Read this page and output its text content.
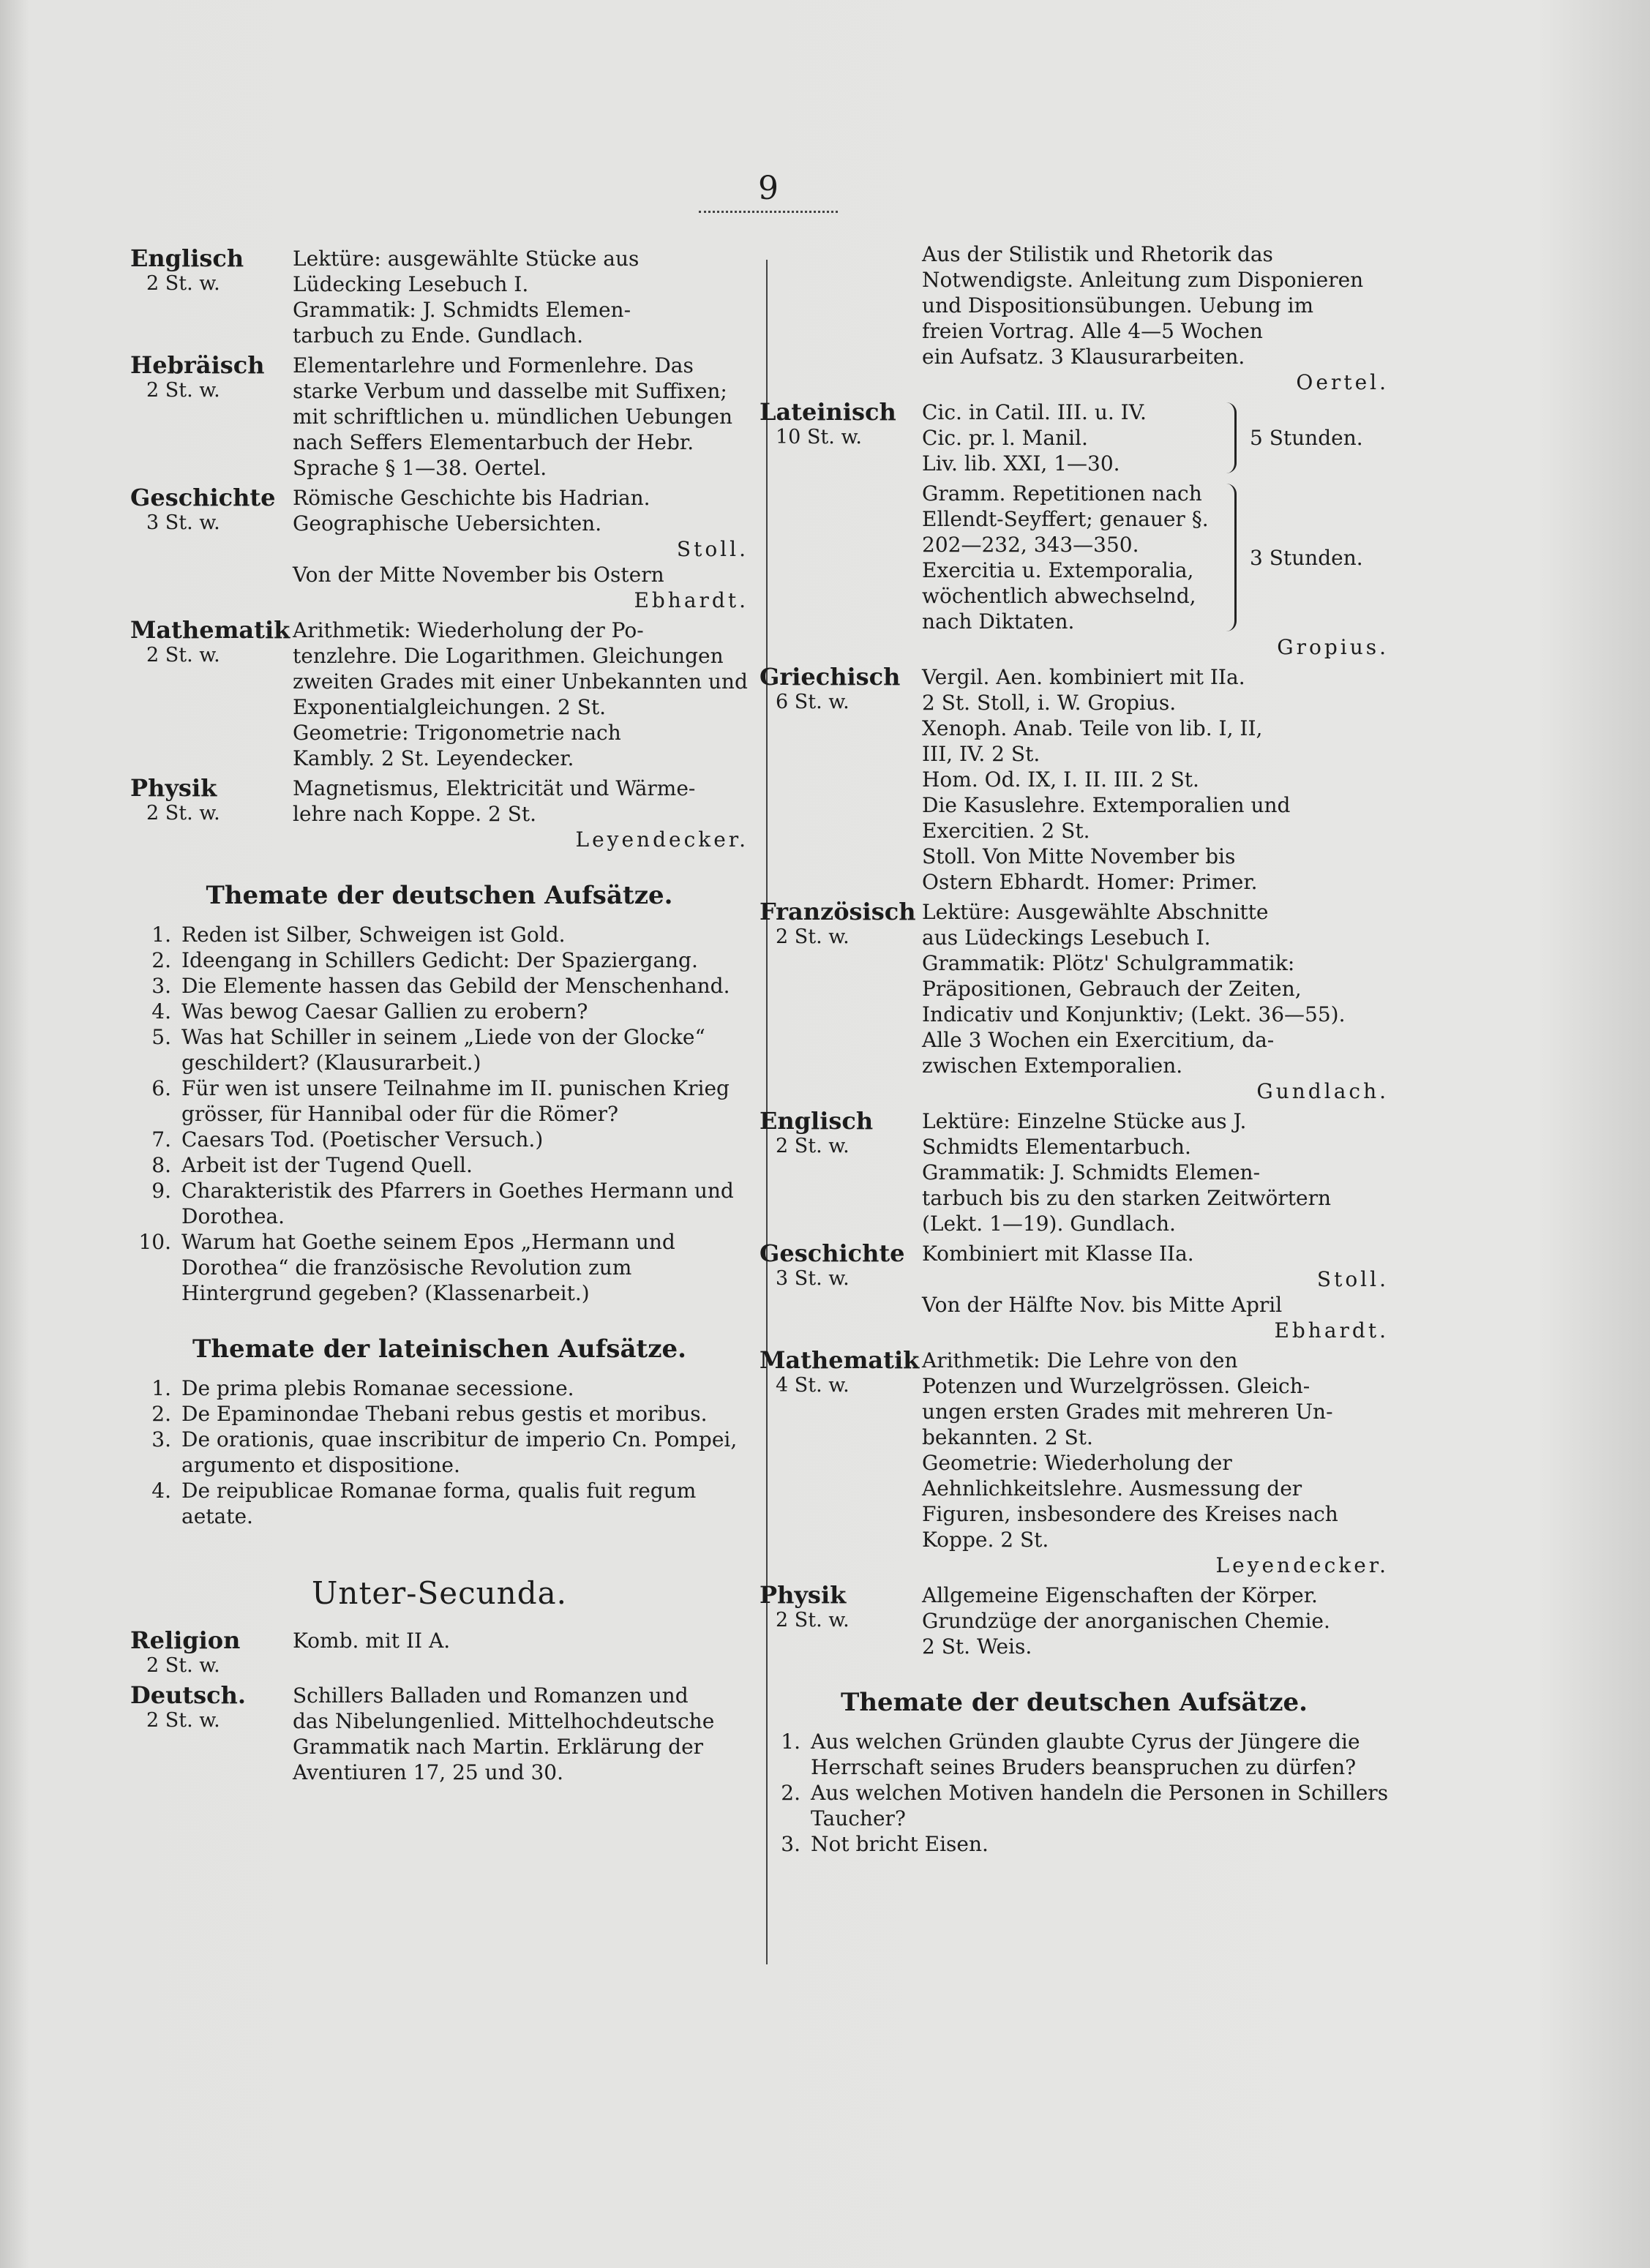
9
Englisch
2 St. w.
Lektüre: ausgewählte Stücke aus
Lüdecking Lesebuch I.
Grammatik: J. Schmidts Elemen-
tarbuch zu Ende. Gundlach.
Hebräisch
2 St. w.
Elementarlehre und Formenlehre. Das
starke Verbum und dasselbe mit Suffixen;
mit schriftlichen u. mündlichen Uebungen
nach Seffers Elementarbuch der Hebr.
Sprache § 1—38. Oertel.
Geschichte
3 St. w.
Römische Geschichte bis Hadrian.
Geographische Uebersichten.
Stoll.
Von der Mitte November bis Ostern
Ebhardt.
Mathematik
2 St. w.
Arithmetik: Wiederholung der Po-
tenzlehre. Die Logarithmen. Gleichungen
zweiten Grades mit einer Unbekannten und
Exponentialgleichungen. 2 St.
Geometrie: Trigonometrie nach
Kambly. 2 St. Leyendecker.
Physik
2 St. w.
Magnetismus, Elektricität und Wärme-
lehre nach Koppe. 2 St.
Leyendecker.
Themate der deutschen Aufsätze.
1. Reden ist Silber, Schweigen ist Gold.
2. Ideengang in Schillers Gedicht: Der Spaziergang.
3. Die Elemente hassen das Gebild der Menschenhand.
4. Was bewog Caesar Gallien zu erobern?
5. Was hat Schiller in seinem „Liede von der Glocke“ geschildert? (Klausurarbeit.)
6. Für wen ist unsere Teilnahme im II. punischen Krieg grösser, für Hannibal oder für die Römer?
7. Caesars Tod. (Poetischer Versuch.)
8. Arbeit ist der Tugend Quell.
9. Charakteristik des Pfarrers in Goethes Hermann und Dorothea.
10. Warum hat Goethe seinem Epos „Hermann und Dorothea“ die französische Revolution zum Hintergrund gegeben? (Klassenarbeit.)
Themate der lateinischen Aufsätze.
1. De prima plebis Romanae secessione.
2. De Epaminondae Thebani rebus gestis et moribus.
3. De orationis, quae inscribitur de imperio Cn. Pompei, argumento et dispositione.
4. De reipublicae Romanae forma, qualis fuit regum aetate.
Unter-Secunda.
Religion
2 St. w.
Komb. mit II A.
Deutsch.
2 St. w.
Schillers Balladen und Romanzen und
das Nibelungenlied. Mittelhochdeutsche
Grammatik nach Martin. Erklärung der
Aventiuren 17, 25 und 30.
Aus der Stilistik und Rhetorik das
Notwendigste. Anleitung zum Disponieren
und Dispositionsübungen. Uebung im
freien Vortrag. Alle 4—5 Wochen
ein Aufsatz. 3 Klausurarbeiten.
Oertel.
Lateinisch
10 St. w.
Cic. in Catil. III. u. IV.
Cic. pr. l. Manil.
Liv. lib. XXI, 1—30.
5 Stunden.
Gramm. Repetitionen nach
Ellendt-Seyffert; genauer §.
202—232, 343—350.
Exercitia u. Extemporalia,
wöchentlich abwechselnd,
nach Diktaten.
3 Stunden.
Gropius.
Griechisch
6 St. w.
Vergil. Aen. kombiniert mit IIa.
2 St. Stoll, i. W. Gropius.
Xenoph. Anab. Teile von lib. I, II,
III, IV. 2 St.
Hom. Od. IX, I. II. III. 2 St.
Die Kasuslehre. Extemporalien und
Exercitien. 2 St.
Stoll. Von Mitte November bis
Ostern Ebhardt. Homer: Primer.
Französisch
2 St. w.
Lektüre: Ausgewählte Abschnitte
aus Lüdeckings Lesebuch I.
Grammatik: Plötz' Schulgrammatik:
Präpositionen, Gebrauch der Zeiten,
Indicativ und Konjunktiv; (Lekt. 36—55).
Alle 3 Wochen ein Exercitium, da-
zwischen Extemporalien.
Gundlach.
Englisch
2 St. w.
Lektüre: Einzelne Stücke aus J.
Schmidts Elementarbuch.
Grammatik: J. Schmidts Elemen-
tarbuch bis zu den starken Zeitwörtern
(Lekt. 1—19). Gundlach.
Geschichte
3 St. w.
Kombiniert mit Klasse IIa.
Stoll.
Von der Hälfte Nov. bis Mitte April
Ebhardt.
Mathematik
4 St. w.
Arithmetik: Die Lehre von den
Potenzen und Wurzelgrössen. Gleich-
ungen ersten Grades mit mehreren Un-
bekannten. 2 St.
Geometrie: Wiederholung der
Aehnlichkeitslehre. Ausmessung der
Figuren, insbesondere des Kreises nach
Koppe. 2 St.
Leyendecker.
Physik
2 St. w.
Allgemeine Eigenschaften der Körper.
Grundzüge der anorganischen Chemie.
2 St. Weis.
Themate der deutschen Aufsätze.
1. Aus welchen Gründen glaubte Cyrus der Jüngere die Herrschaft seines Bruders beanspruchen zu dürfen?
2. Aus welchen Motiven handeln die Personen in Schillers Taucher?
3. Not bricht Eisen.
